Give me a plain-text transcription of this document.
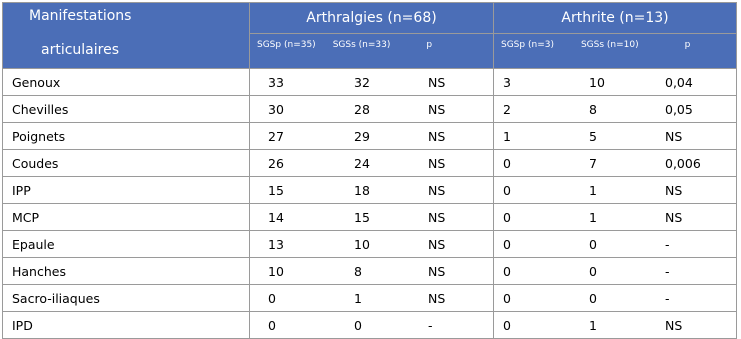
Manifestations
articulaires	Arthralgies (n=68)	Arthrite (n=13)

	SGSp (n=35) SGSs (n=33) p	SGSp (n=3) SGSs (n=10) p

Genoux	33 32 NS	3 10 0,04

Chevilles	30 28 NS	2 8 0,05

Poignets	27 29 NS	1 5 NS

Coudes	26 24 NS	0 7 0,006

IPP	15 18 NS	0 1 NS

MCP	14 15 NS	0 1 NS

Epaule	13 10 NS	0 0 -

Hanches	10 8 NS	0 0 -

Sacro-iliaques	0 1 NS	0 0 -

IPD	0 0 -	0 1 NS
